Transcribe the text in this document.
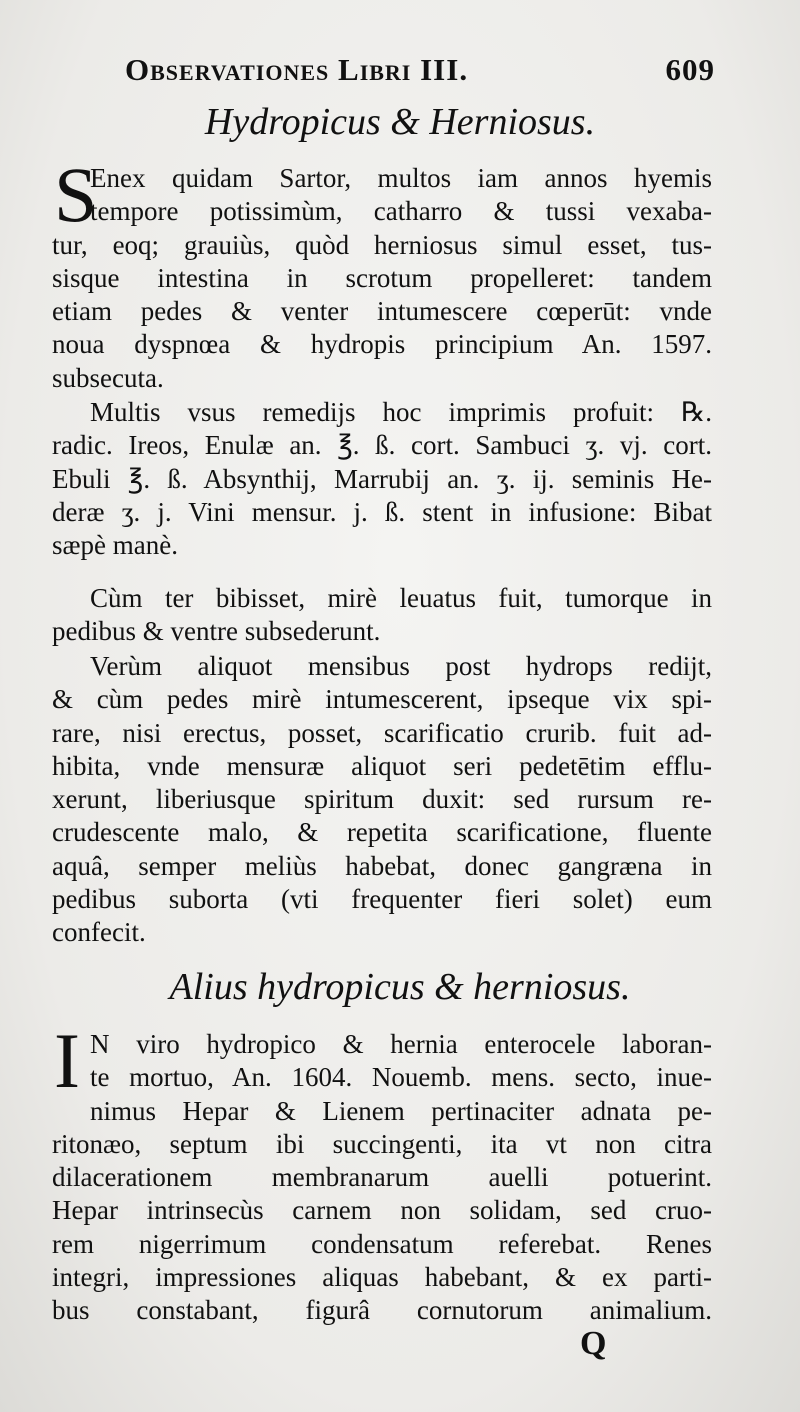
Observationes Libri III.	609
Hydropicus & Herniosus.
S
Enex quidam Sartor, multos iam annos hyemis
tempore potissimùm, catharro & tussi vexaba-
tur, eoq; grauiùs, quòd herniosus simul esset, tus-
sisque intestina in scrotum propelleret: tandem
etiam pedes & venter intumescere cœperūt: vnde
noua dyspnœa & hydropis principium An. 1597.
subsecuta.
Multis vsus remedijs hoc imprimis profuit: ℞.
radic. Ireos, Enulæ an. ℥. ß. cort. Sambuci ʒ. vj. cort.
Ebuli ℥. ß. Absynthij, Marrubij an. ʒ. ij. seminis He-
deræ ʒ. j. Vini mensur. j. ß. stent in infusione: Bibat
sæpè manè.
Cùm ter bibisset, mirè leuatus fuit, tumorque in
pedibus & ventre subsederunt.
Verùm aliquot mensibus post hydrops redijt,
& cùm pedes mirè intumescerent, ipseque vix spi-
rare, nisi erectus, posset, scarificatio crurib. fuit ad-
hibita, vnde mensuræ aliquot seri pedetētim efflu-
xerunt, liberiusque spiritum duxit: sed rursum re-
crudescente malo, & repetita scarificatione, fluente
aquâ, semper meliùs habebat, donec gangræna in
pedibus suborta (vti frequenter fieri solet) eum
confecit.
Alius hydropicus & herniosus.
I N viro hydropico & hernia enterocele laboran-
te mortuo, An. 1604. Nouemb. mens. secto, inue-
nimus Hepar & Lienem pertinaciter adnata pe-
ritonæo, septum ibi succingenti, ita vt non citra
dilacerationem membranarum auelli potuerint.
Hepar intrinsecùs carnem non solidam, sed cruo-
rem nigerrimum condensatum referebat. Renes
integri, impressiones aliquas habebant, & ex parti-
bus constabant, figurâ cornutorum animalium.
Q
